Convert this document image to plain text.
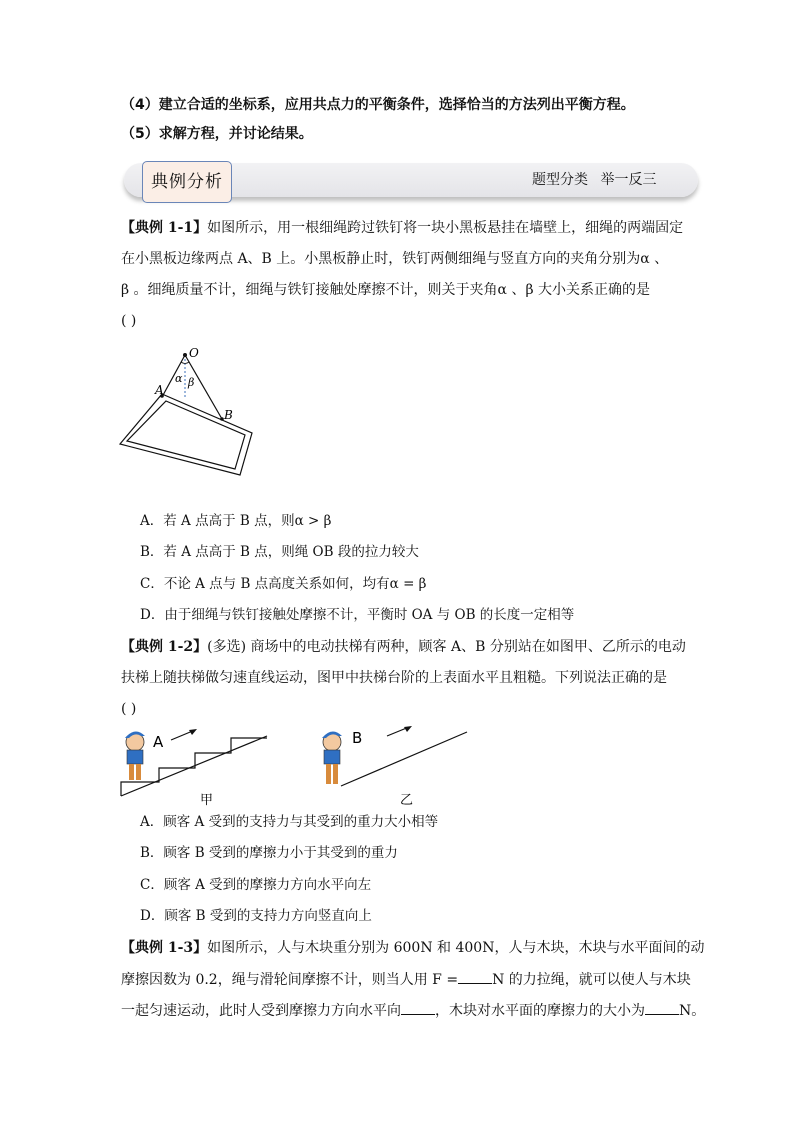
（4）建立合适的坐标系，应用共点力的平衡条件，选择恰当的方法列出平衡方程。
（5）求解方程，并讨论结果。
典例分析	题型分类 举一反三
【典例 1-1】如图所示，用一根细绳跨过铁钉将一块小黑板悬挂在墙壁上，细绳的两端固定
在小黑板边缘两点 A、B 上。小黑板静止时，铁钉两侧细绳与竖直方向的夹角分别为α 、
β 。细绳质量不计，细绳与铁钉接触处摩擦不计，则关于夹角α 、β 大小关系正确的是
( )
O
A
B
α β
A．若 A 点高于 B 点，则α > β
B．若 A 点高于 B 点，则绳 OB 段的拉力较大
C．不论 A 点与 B 点高度关系如何，均有α = β
D．由于细绳与铁钉接触处摩擦不计，平衡时 OA 与 OB 的长度一定相等
【典例 1-2】(多选) 商场中的电动扶梯有两种，顾客 A、B 分别站在如图甲、乙所示的电动
扶梯上随扶梯做匀速直线运动，图甲中扶梯台阶的上表面水平且粗糙。下列说法正确的是
( )
A
甲
B
乙
A．顾客 A 受到的支持力与其受到的重力大小相等
B．顾客 B 受到的摩擦力小于其受到的重力
C．顾客 A 受到的摩擦力方向水平向左
D．顾客 B 受到的支持力方向竖直向上
【典例 1-3】如图所示，人与木块重分别为 600N 和 400N，人与木块，木块与水平面间的动
摩擦因数为 0.2，绳与滑轮间摩擦不计，则当人用 F = N 的力拉绳，就可以使人与木块
一起匀速运动，此时人受到摩擦力方向水平向 ，木块对水平面的摩擦力的大小为 N。
